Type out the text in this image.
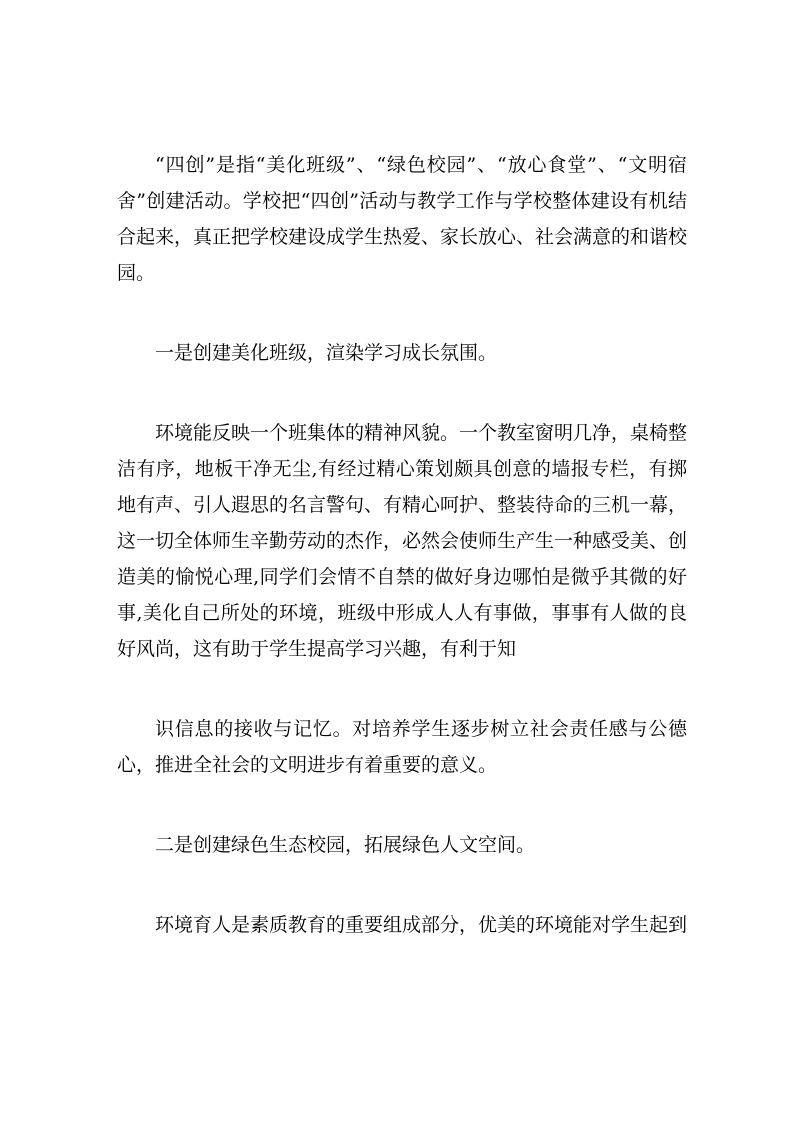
“四创”是指“美化班级”、“绿色校园”、“放心食堂”、“文明宿舍”创建活动。学校把“四创”活动与教学工作与学校整体建设有机结合起来，真正把学校建设成学生热爱、家长放心、社会满意的和谐校园。

一是创建美化班级，渲染学习成长氛围。

环境能反映一个班集体的精神风貌。一个教室窗明几净，桌椅整洁有序，地板干净无尘,有经过精心策划颇具创意的墙报专栏，有掷地有声、引人遐思的名言警句、有精心呵护、整装待命的三机一幕，这一切全体师生辛勤劳动的杰作，必然会使师生产生一种感受美、创造美的愉悦心理,同学们会情不自禁的做好身边哪怕是微乎其微的好事,美化自己所处的环境，班级中形成人人有事做，事事有人做的良好风尚，这有助于学生提高学习兴趣，有利于知

识信息的接收与记忆。对培养学生逐步树立社会责任感与公德心，推进全社会的文明进步有着重要的意义。

二是创建绿色生态校园，拓展绿色人文空间。

环境育人是素质教育的重要组成部分，优美的环境能对学生起到
